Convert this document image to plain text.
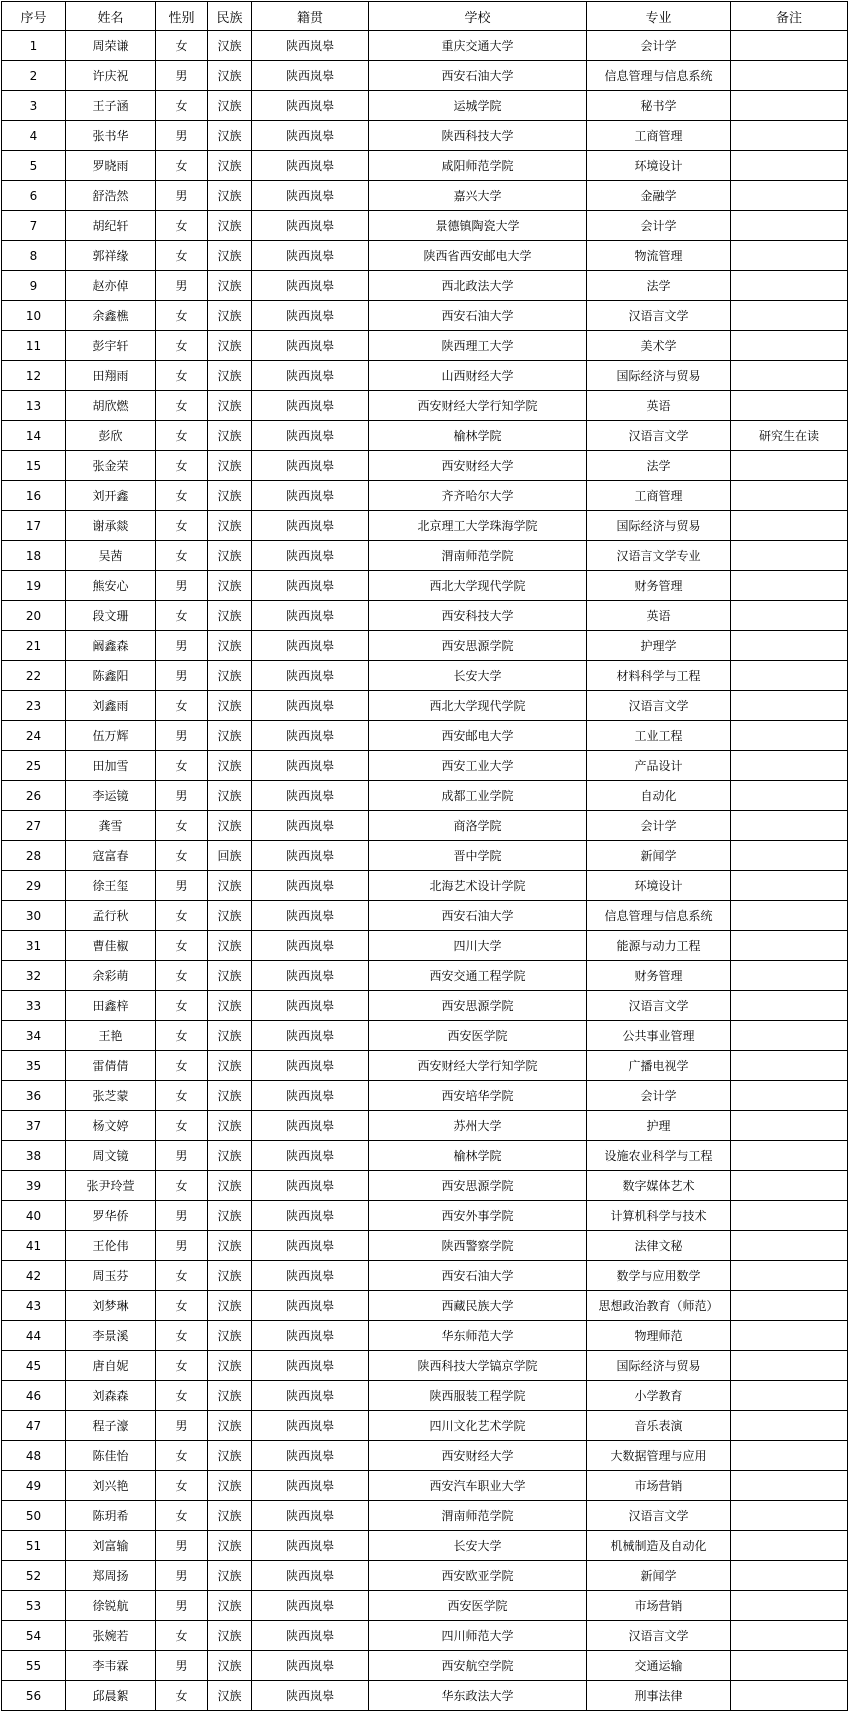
序号	姓名	性别	民族	籍贯	学校	专业	备注
1	周荣谦	女	汉族	陕西岚皋	重庆交通大学	会计学	
2	许庆祝	男	汉族	陕西岚皋	西安石油大学	信息管理与信息系统	
3	王子涵	女	汉族	陕西岚皋	运城学院	秘书学	
4	张书华	男	汉族	陕西岚皋	陕西科技大学	工商管理	
5	罗晓雨	女	汉族	陕西岚皋	咸阳师范学院	环境设计	
6	舒浩然	男	汉族	陕西岚皋	嘉兴大学	金融学	
7	胡纪轩	女	汉族	陕西岚皋	景德镇陶瓷大学	会计学	
8	郭祥缘	女	汉族	陕西岚皋	陕西省西安邮电大学	物流管理	
9	赵亦倬	男	汉族	陕西岚皋	西北政法大学	法学	
10	余鑫樵	女	汉族	陕西岚皋	西安石油大学	汉语言文学	
11	彭宇轩	女	汉族	陕西岚皋	陕西理工大学	美术学	
12	田翔雨	女	汉族	陕西岚皋	山西财经大学	国际经济与贸易	
13	胡欣燃	女	汉族	陕西岚皋	西安财经大学行知学院	英语	
14	彭欣	女	汉族	陕西岚皋	榆林学院	汉语言文学	研究生在读
15	张金荣	女	汉族	陕西岚皋	西安财经大学	法学	
16	刘开鑫	女	汉族	陕西岚皋	齐齐哈尔大学	工商管理	
17	谢承燚	女	汉族	陕西岚皋	北京理工大学珠海学院	国际经济与贸易	
18	吴茜	女	汉族	陕西岚皋	渭南师范学院	汉语言文学专业	
19	熊安心	男	汉族	陕西岚皋	西北大学现代学院	财务管理	
20	段文珊	女	汉族	陕西岚皋	西安科技大学	英语	
21	阚鑫森	男	汉族	陕西岚皋	西安思源学院	护理学	
22	陈鑫阳	男	汉族	陕西岚皋	长安大学	材料科学与工程	
23	刘鑫雨	女	汉族	陕西岚皋	西北大学现代学院	汉语言文学	
24	伍万辉	男	汉族	陕西岚皋	西安邮电大学	工业工程	
25	田加雪	女	汉族	陕西岚皋	西安工业大学	产品设计	
26	李运镜	男	汉族	陕西岚皋	成都工业学院	自动化	
27	龚雪	女	汉族	陕西岚皋	商洛学院	会计学	
28	寇富春	女	回族	陕西岚皋	晋中学院	新闻学	
29	徐王玺	男	汉族	陕西岚皋	北海艺术设计学院	环境设计	
30	孟行秋	女	汉族	陕西岚皋	西安石油大学	信息管理与信息系统	
31	曹佳椒	女	汉族	陕西岚皋	四川大学	能源与动力工程	
32	余彩萌	女	汉族	陕西岚皋	西安交通工程学院	财务管理	
33	田鑫梓	女	汉族	陕西岚皋	西安思源学院	汉语言文学	
34	王艳	女	汉族	陕西岚皋	西安医学院	公共事业管理	
35	雷倩倩	女	汉族	陕西岚皋	西安财经大学行知学院	广播电视学	
36	张芝蒙	女	汉族	陕西岚皋	西安培华学院	会计学	
37	杨文婷	女	汉族	陕西岚皋	苏州大学	护理	
38	周文镜	男	汉族	陕西岚皋	榆林学院	设施农业科学与工程	
39	张尹玲萱	女	汉族	陕西岚皋	西安思源学院	数字媒体艺术	
40	罗华侨	男	汉族	陕西岚皋	西安外事学院	计算机科学与技术	
41	王伦伟	男	汉族	陕西岚皋	陕西警察学院	法律文秘	
42	周玉芬	女	汉族	陕西岚皋	西安石油大学	数学与应用数学	
43	刘梦琳	女	汉族	陕西岚皋	西藏民族大学	思想政治教育（师范）	
44	李景溪	女	汉族	陕西岚皋	华东师范大学	物理师范	
45	唐自妮	女	汉族	陕西岚皋	陕西科技大学镐京学院	国际经济与贸易	
46	刘森森	女	汉族	陕西岚皋	陕西服装工程学院	小学教育	
47	程子濠	男	汉族	陕西岚皋	四川文化艺术学院	音乐表演	
48	陈佳怡	女	汉族	陕西岚皋	西安财经大学	大数据管理与应用	
49	刘兴艳	女	汉族	陕西岚皋	西安汽车职业大学	市场营销	
50	陈玥希	女	汉族	陕西岚皋	渭南师范学院	汉语言文学	
51	刘富输	男	汉族	陕西岚皋	长安大学	机械制造及自动化	
52	郑周扬	男	汉族	陕西岚皋	西安欧亚学院	新闻学	
53	徐锐航	男	汉族	陕西岚皋	西安医学院	市场营销	
54	张婉若	女	汉族	陕西岚皋	四川师范大学	汉语言文学	
55	李韦霖	男	汉族	陕西岚皋	西安航空学院	交通运输	
56	邱晨絮	女	汉族	陕西岚皋	华东政法大学	刑事法律	
